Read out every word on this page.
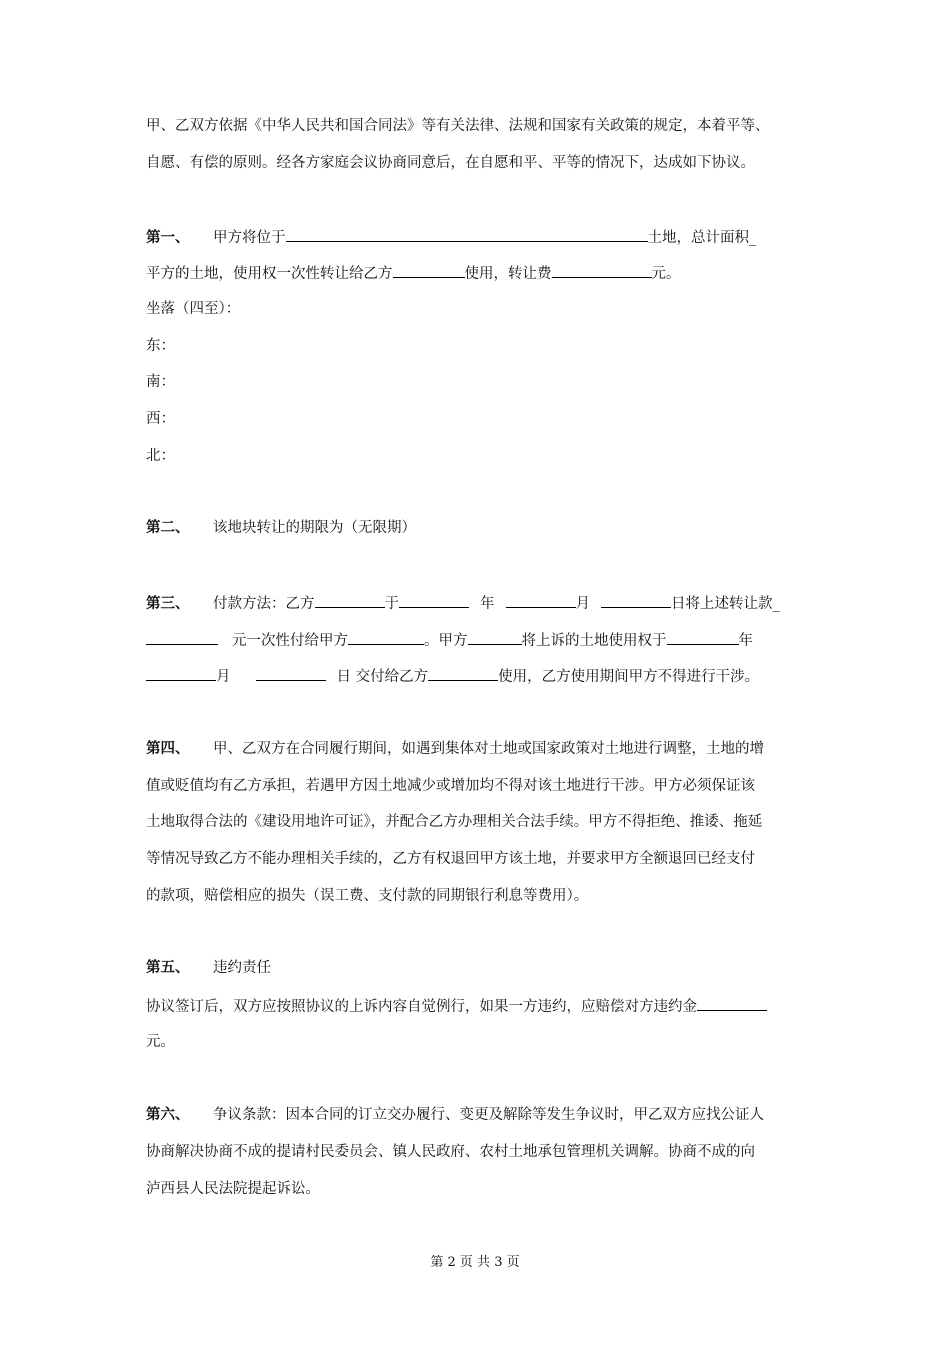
甲、乙双方依据《中华人民共和国合同法》等有关法律、法规和国家有关政策的规定，本着平等、
自愿、有偿的原则。经各方家庭会议协商同意后，在自愿和平、平等的情况下，达成如下协议。
第一、 甲方将位于	土地，总计面积_
平方的土地，使用权一次性转让给乙方	使用，转让费	元。
坐落（四至）：
东：
南：
西：
北：
第二、 该地块转让的期限为（无限期）
第三、 付款方法：乙方	于	年	月	日将上述转让款_
元一次性付给甲方	。甲方	将上诉的土地使用权于	年
月	日 交付给乙方	使用，乙方使用期间甲方不得进行干涉。
第四、 甲、乙双方在合同履行期间，如遇到集体对土地或国家政策对土地进行调整，土地的增
值或贬值均有乙方承担，若遇甲方因土地减少或增加均不得对该土地进行干涉。甲方必须保证该
土地取得合法的《建设用地许可证》，并配合乙方办理相关合法手续。甲方不得拒绝、推诿、拖延
等情况导致乙方不能办理相关手续的，乙方有权退回甲方该土地，并要求甲方全额退回已经支付
的款项，赔偿相应的损失（误工费、支付款的同期银行利息等费用）。
第五、 违约责任
协议签订后，双方应按照协议的上诉内容自觉例行，如果一方违约，应赔偿对方违约金
元。
第六、 争议条款：因本合同的订立交办履行、变更及解除等发生争议时，甲乙双方应找公证人
协商解决协商不成的提请村民委员会、镇人民政府、农村土地承包管理机关调解。协商不成的向
泸西县人民法院提起诉讼。
第 2 页 共 3 页
